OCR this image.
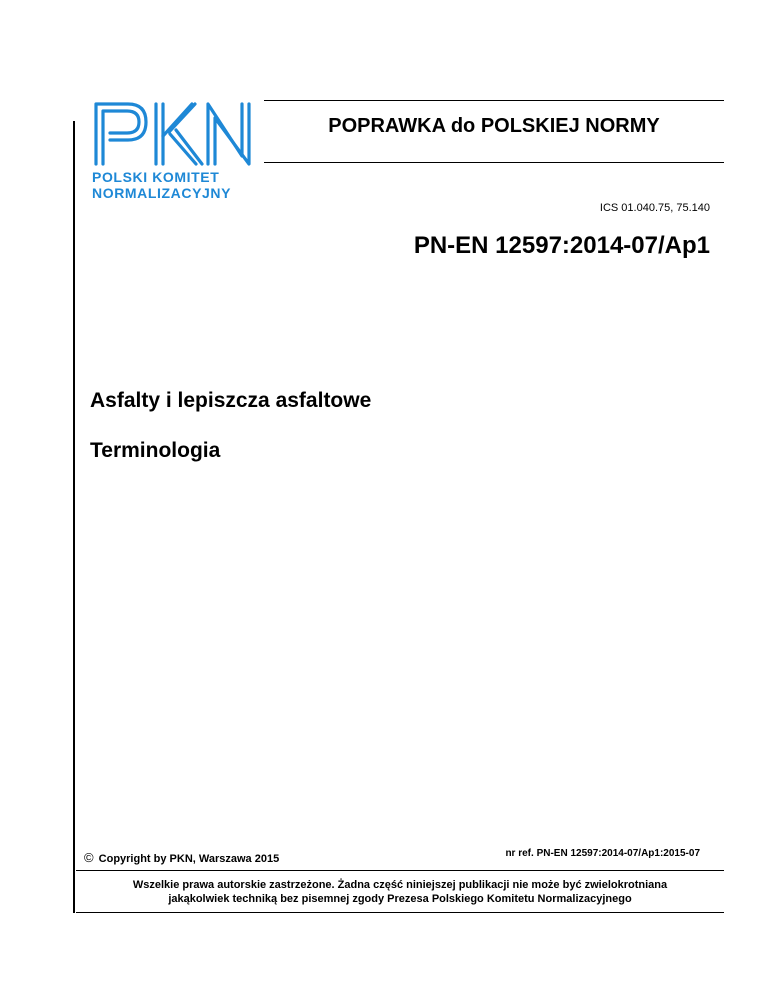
POLSKI KOMITET
NORMALIZACYJNY
POPRAWKA do POLSKIEJ NORMY
ICS 01.040.75, 75.140
PN-EN 12597:2014-07/Ap1
Asfalty i lepiszcza asfaltowe
Terminologia
© Copyright by PKN, Warszawa 2015	nr ref. PN-EN 12597:2014-07/Ap1:2015-07
Wszelkie prawa autorskie zastrzeżone. Żadna część niniejszej publikacji nie może być zwielokrotniana
jakąkolwiek techniką bez pisemnej zgody Prezesa Polskiego Komitetu Normalizacyjnego
